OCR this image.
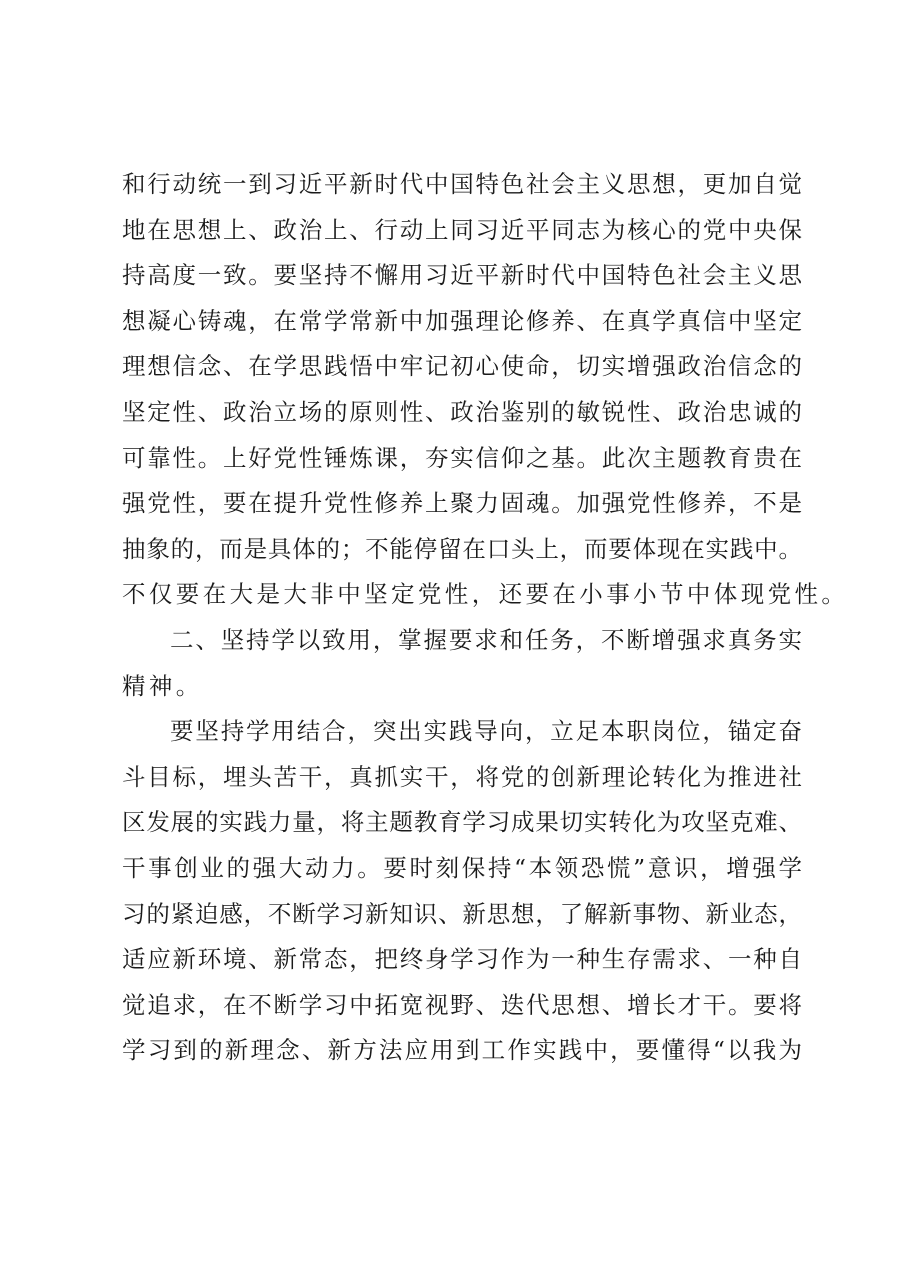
和行动统一到习近平新时代中国特色社会主义思想，更加自觉
地在思想上、政治上、行动上同习近平同志为核心的党中央保
持高度一致。要坚持不懈用习近平新时代中国特色社会主义思
想凝心铸魂，在常学常新中加强理论修养、在真学真信中坚定
理想信念、在学思践悟中牢记初心使命，切实增强政治信念的
坚定性、政治立场的原则性、政治鉴别的敏锐性、政治忠诚的
可靠性。上好党性锤炼课，夯实信仰之基。此次主题教育贵在
强党性，要在提升党性修养上聚力固魂。加强党性修养，不是
抽象的，而是具体的；不能停留在口头上，而要体现在实践中。
不仅要在大是大非中坚定党性，还要在小事小节中体现党性。
二、坚持学以致用，掌握要求和任务，不断增强求真务实
精神。
要坚持学用结合，突出实践导向，立足本职岗位，锚定奋
斗目标，埋头苦干，真抓实干，将党的创新理论转化为推进社
区发展的实践力量，将主题教育学习成果切实转化为攻坚克难、
干事创业的强大动力。要时刻保持“本领恐慌”意识，增强学
习的紧迫感，不断学习新知识、新思想，了解新事物、新业态，
适应新环境、新常态，把终身学习作为一种生存需求、一种自
觉追求，在不断学习中拓宽视野、迭代思想、增长才干。要将
学习到的新理念、新方法应用到工作实践中，要懂得“以我为
